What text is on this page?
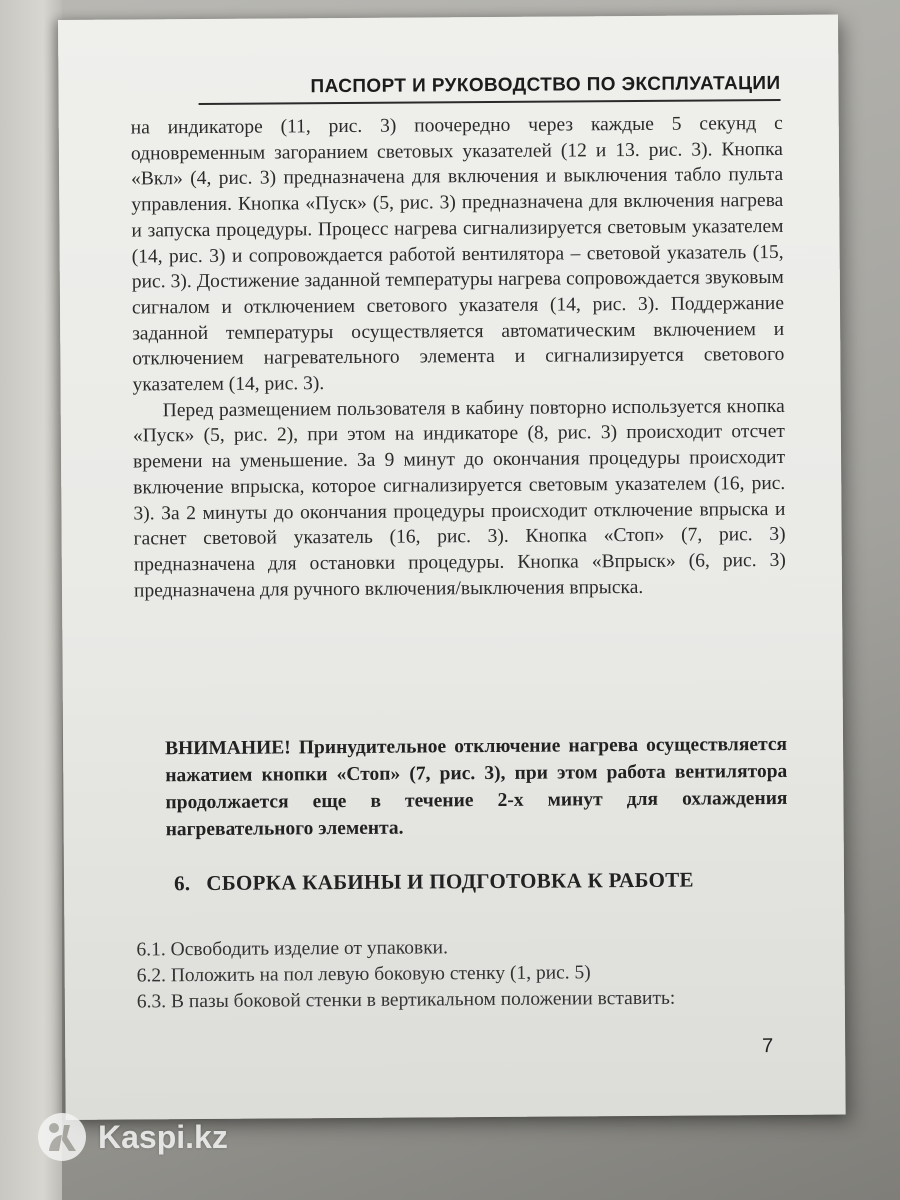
ПАСПОРТ И РУКОВОДСТВО ПО ЭКСПЛУАТАЦИИ

на индикаторе (11, рис. 3) поочередно через каждые 5 секунд с одновременным загоранием световых указателей (12 и 13. рис. 3). Кнопка «Вкл» (4, рис. 3) предназначена для включения и выключения табло пульта управления. Кнопка «Пуск» (5, рис. 3) предназначена для включения нагрева и запуска процедуры. Процесс нагрева сигнализируется световым указателем (14, рис. 3) и сопровождается работой вентилятора – световой указатель (15, рис. 3). Достижение заданной температуры нагрева сопровождается звуковым сигналом и отключением светового указателя (14, рис. 3). Поддержание заданной температуры осуществляется автоматическим включением и отключением нагревательного элемента и сигнализируется светового указателем (14, рис. 3).

Перед размещением пользователя в кабину повторно используется кнопка «Пуск» (5, рис. 2), при этом на индикаторе (8, рис. 3) происходит отсчет времени на уменьшение. За 9 минут до окончания процедуры происходит включение впрыска, которое сигнализируется световым указателем (16, рис. 3). За 2 минуты до окончания процедуры происходит отключение впрыска и гаснет световой указатель (16, рис. 3). Кнопка «Стоп» (7, рис. 3) предназначена для остановки процедуры. Кнопка «Впрыск» (6, рис. 3) предназначена для ручного включения/выключения впрыска.

ВНИМАНИЕ! Принудительное отключение нагрева осуществляется нажатием кнопки «Стоп» (7, рис. 3), при этом работа вентилятора продолжается еще в течение 2-х минут для охлаждения нагревательного элемента.
6. СБОРКА КАБИНЫ И ПОДГОТОВКА К РАБОТЕ
6.1. Освободить изделие от упаковки.
6.2. Положить на пол левую боковую стенку (1, рис. 5)
6.3. В пазы боковой стенки в вертикальном положении вставить:
7
Kaspi.kz
